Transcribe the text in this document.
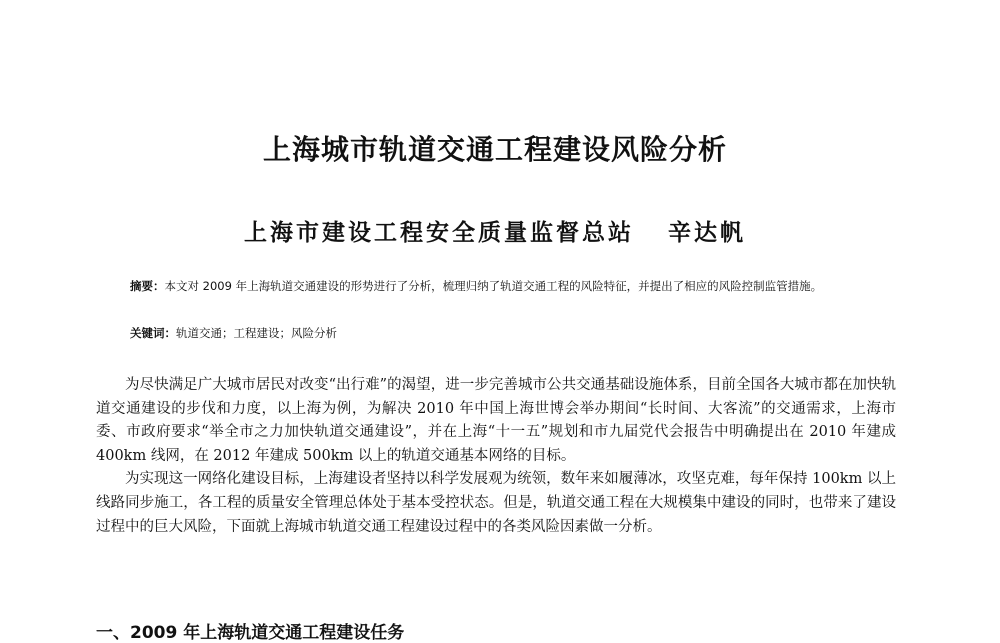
上海城市轨道交通工程建设风险分析
上海市建设工程安全质量监督总站 辛达帆
摘要：本文对 2009 年上海轨道交通建设的形势进行了分析，梳理归纳了轨道交通工程的风险特征，并提出了相应的风险控制监管措施。
关键词：轨道交通；工程建设；风险分析

为尽快满足广大城市居民对改变“出行难”的渴望，进一步完善城市公共交通基础设施体系，目前全国各大城市都在加快轨道交通建设的步伐和力度，以上海为例，为解决 2010 年中国上海世博会举办期间“长时间、大客流”的交通需求，上海市委、市政府要求“举全市之力加快轨道交通建设”，并在上海“十一五”规划和市九届党代会报告中明确提出在 2010 年建成 400km 线网，在 2012 年建成 500km 以上的轨道交通基本网络的目标。

为实现这一网络化建设目标，上海建设者坚持以科学发展观为统领，数年来如履薄冰，攻坚克难，每年保持 100km 以上线路同步施工，各工程的质量安全管理总体处于基本受控状态。但是，轨道交通工程在大规模集中建设的同时，也带来了建设过程中的巨大风险，下面就上海城市轨道交通工程建设过程中的各类风险因素做一分析。

一、2009 年上海轨道交通工程建设任务
